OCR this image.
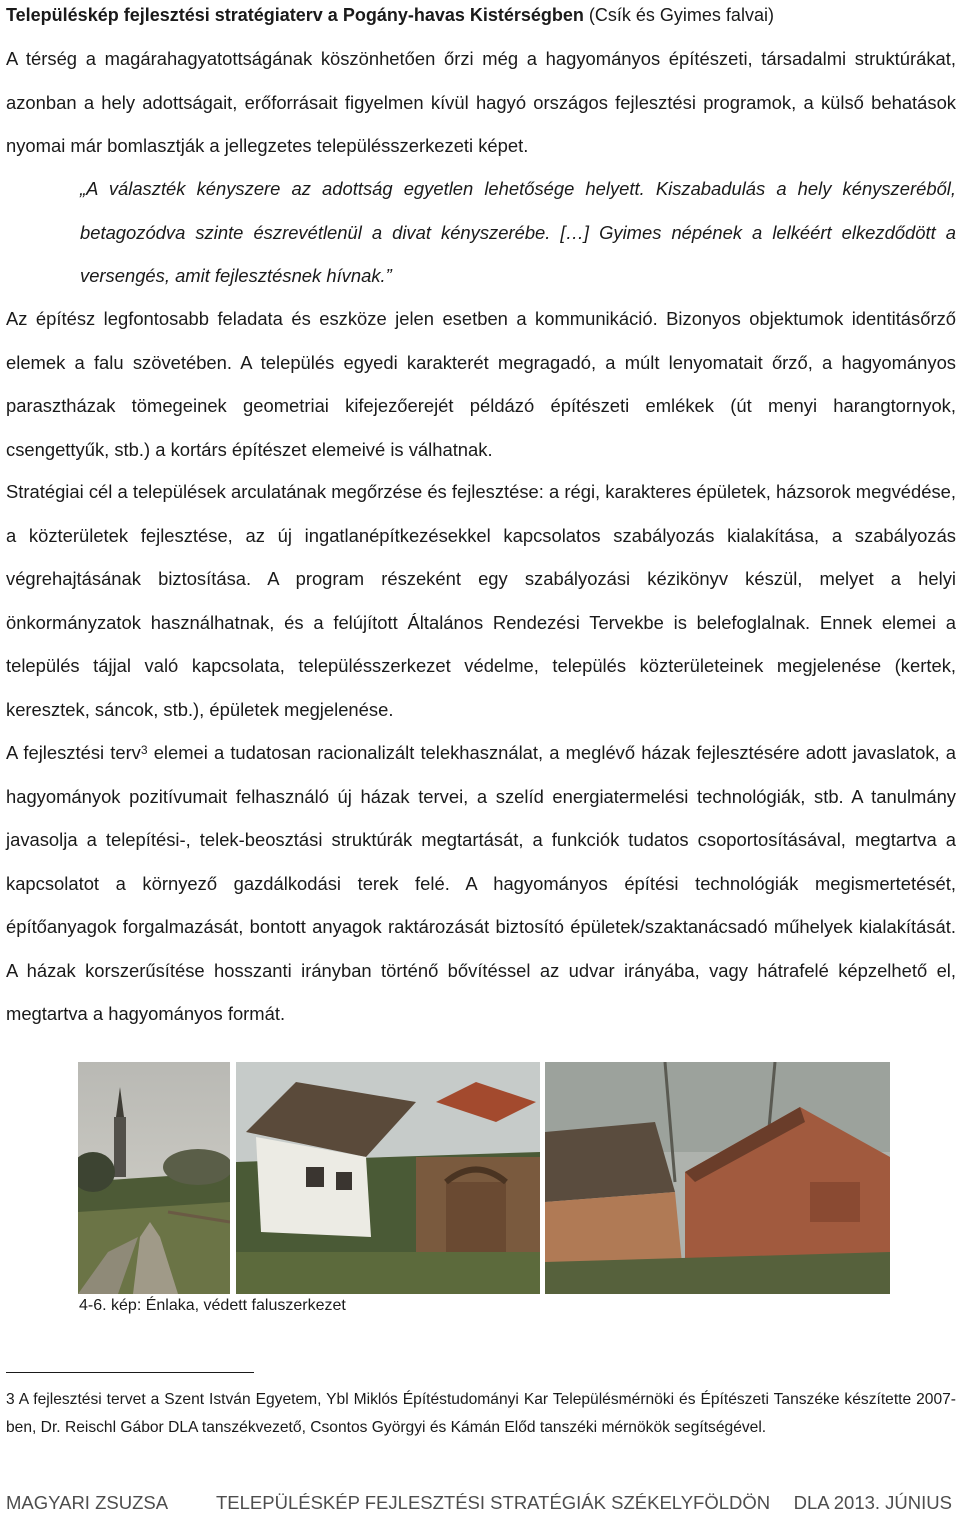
Településkép fejlesztési stratégiaterv a Pogány-havas Kistérségben (Csík és Gyimes falvai)

A térség a magárahagyatottságának köszönhetően őrzi még a hagyományos építészeti, társadalmi struktúrákat, azonban a hely adottságait, erőforrásait figyelmen kívül hagyó országos fejlesztési programok, a külső behatások nyomai már bomlasztják a jellegzetes településszerkezeti képet.

„A választék kényszere az adottság egyetlen lehetősége helyett. Kiszabadulás a hely kényszeréből, betagozódva szinte észrevétlenül a divat kényszerébe. […] Gyimes népének a lelkéért elkezdődött a versengés, amit fejlesztésnek hívnak.”

Az építész legfontosabb feladata és eszköze jelen esetben a kommunikáció. Bizonyos objektumok identitásőrző elemek a falu szövetében. A település egyedi karakterét megragadó, a múlt lenyomatait őrző, a hagyományos parasztházak tömegeinek geometriai kifejezőerejét példázó építészeti emlékek (út menyi harangtornyok, csengettyűk, stb.) a kortárs építészet elemeivé is válhatnak.

Stratégiai cél a települések arculatának megőrzése és fejlesztése: a régi, karakteres épületek, házsorok megvédése, a közterületek fejlesztése, az új ingatlanépítkezésekkel kapcsolatos szabályozás kialakítása, a szabályozás végrehajtásának biztosítása. A program részeként egy szabályozási kézikönyv készül, melyet a helyi önkormányzatok használhatnak, és a felújított Általános Rendezési Tervekbe is belefoglalnak. Ennek elemei a település tájjal való kapcsolata, településszerkezet védelme, település közterületeinek megjelenése (kertek, keresztek, sáncok, stb.), épületek megjelenése.

A fejlesztési terv$^3$ elemei a tudatosan racionalizált telekhasználat, a meglévő házak fejlesztésére adott javaslatok, a hagyományok pozitívumait felhasználó új házak tervei, a szelíd energiatermelési technológiák, stb. A tanulmány javasolja a telepítési-, telek-beosztási struktúrák megtartását, a funkciók tudatos csoportosításával, megtartva a kapcsolatot a környező gazdálkodási terek felé. A hagyományos építési technológiák megismertetését, építőanyagok forgalmazását, bontott anyagok raktározását biztosító épületek/szaktanácsadó műhelyek kialakítását. A házak korszerűsítése hosszanti irányban történő bővítéssel az udvar irányába, vagy hátrafelé képzelhető el, megtartva a hagyományos formát.

4-6. kép: Énlaka, védett faluszerkezet

3 A fejlesztési tervet a Szent István Egyetem, Ybl Miklós Építéstudományi Kar Településmérnöki és Építészeti Tanszéke készítette 2007-ben, Dr. Reischl Gábor DLA tanszékvezető, Csontos Györgyi és Kámán Előd tanszéki mérnökök segítségével.

MAGYARI ZSUZSA	TELEPÜLÉSKÉP FEJLESZTÉSI STRATÉGIÁK SZÉKELYFÖLDÖN DLA 2013. JÚNIUS
